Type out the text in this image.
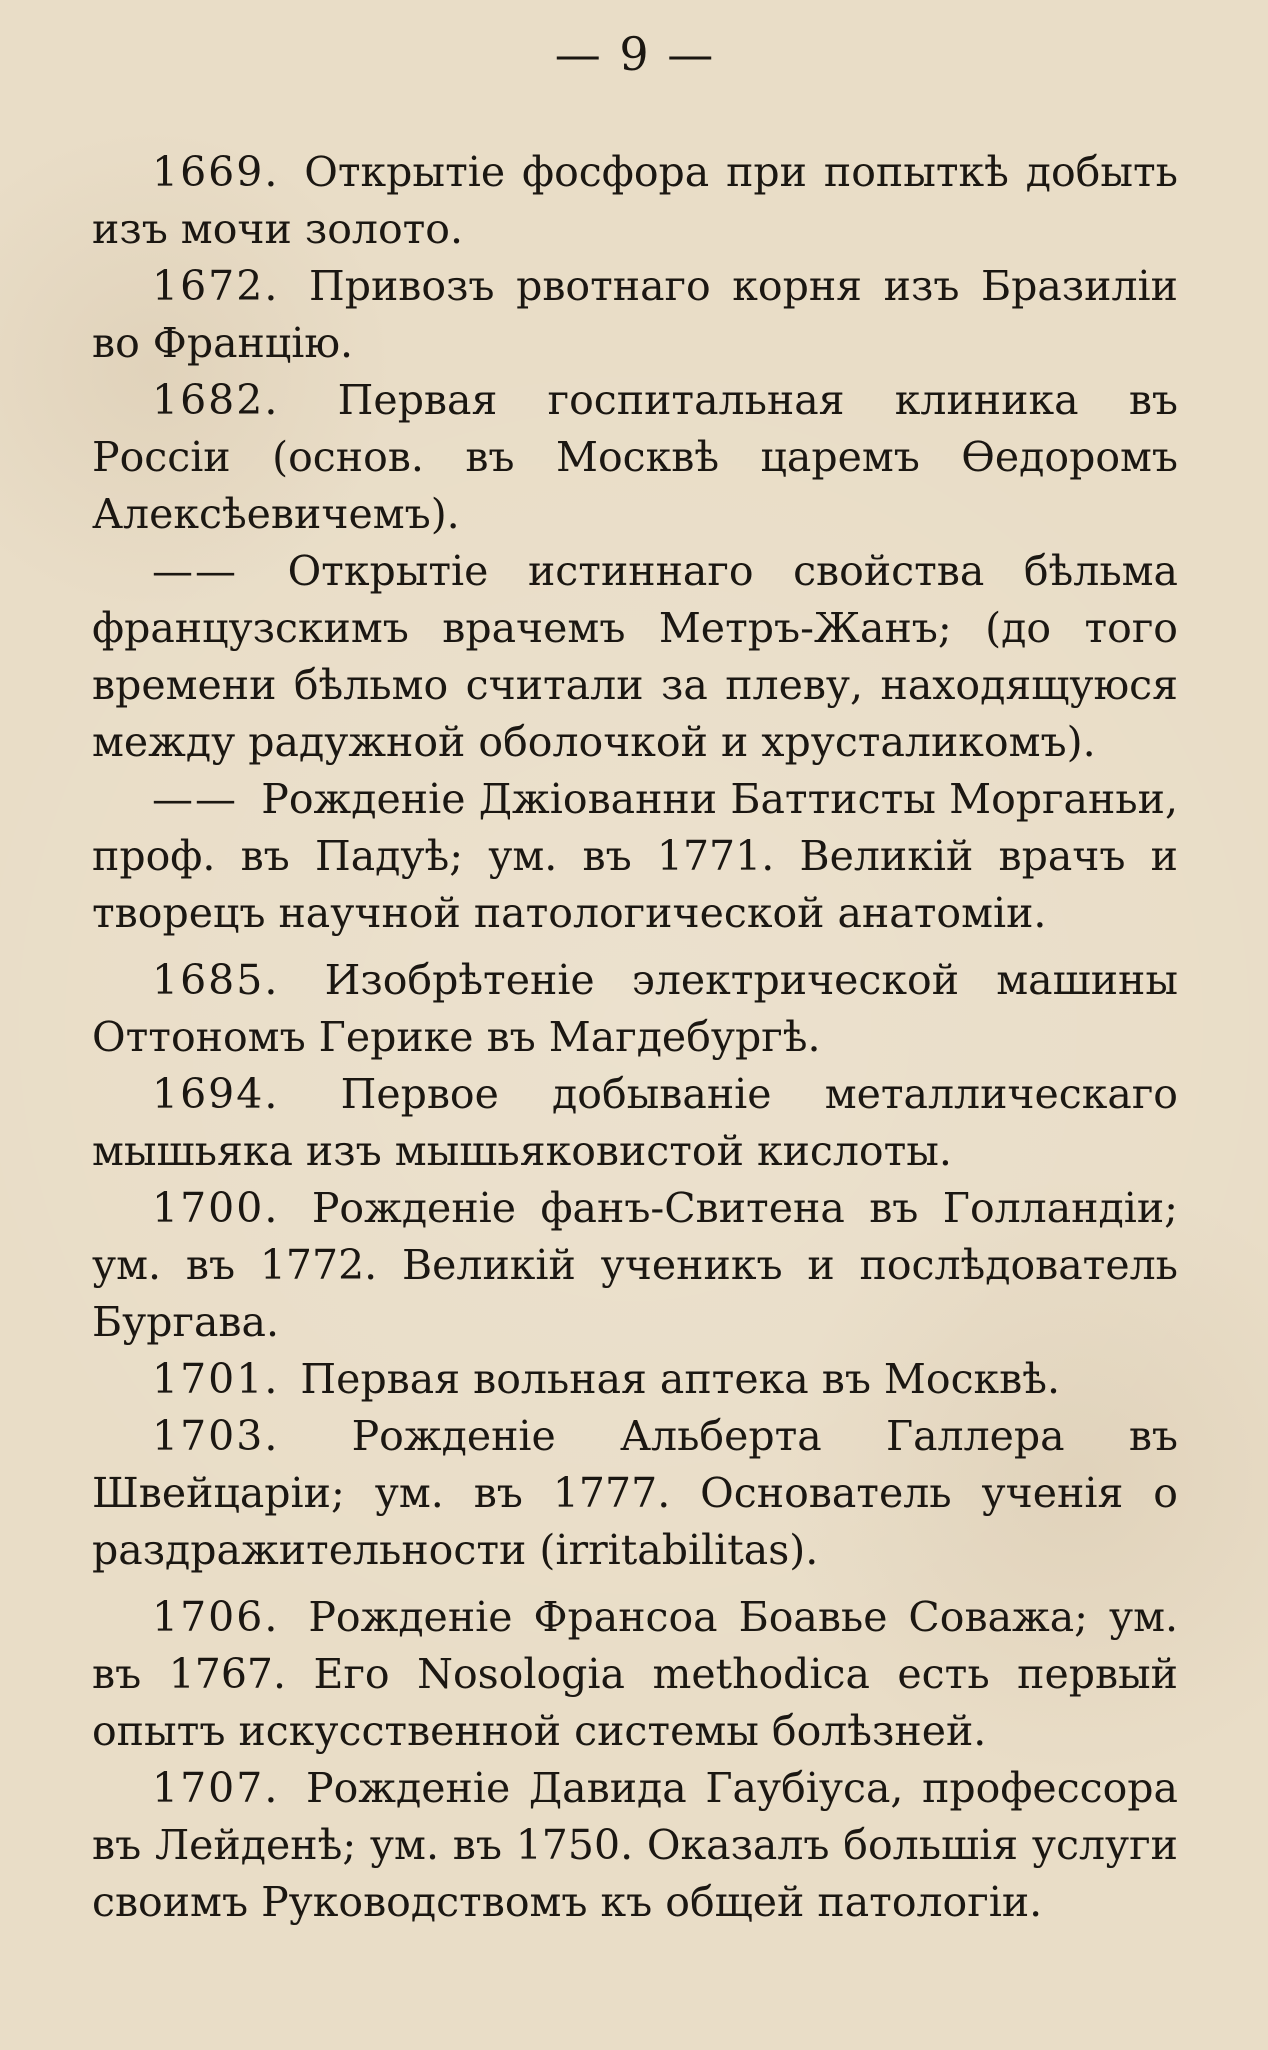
— 9 —

1669. Открытіе фосфора при попыткѣ добыть изъ мочи золото.

1672. Привозъ рвотнаго корня изъ Бразиліи во Францію.

1682. Первая госпитальная клиника въ Россіи (основ. въ Москвѣ царемъ Ѳедоромъ Алексѣевичемъ).

—— Открытіе истиннаго свойства бѣльма французскимъ врачемъ Метръ-Жанъ; (до того времени бѣльмо считали за плеву, находящуюся между радужной оболочкой и хрусталикомъ).

—— Рожденіе Джіованни Баттисты Морганьи, проф. въ Падуѣ; ум. въ 1771. Великій врачъ и творецъ научной патологической анатоміи.

1685. Изобрѣтеніе электрической машины Оттономъ Герике въ Магдебургѣ.

1694. Первое добываніе металлическаго мышьяка изъ мышьяковистой кислоты.

1700. Рожденіе фанъ-Свитена въ Голландіи; ум. въ 1772. Великій ученикъ и послѣдователь Бургава.

1701. Первая вольная аптека въ Москвѣ.

1703. Рожденіе Альберта Галлера въ Швейцаріи; ум. въ 1777. Основатель ученія о раздражительности (irritabilitas).

1706. Рожденіе Франсоа Боавье Соважа; ум. въ 1767. Его Nosologia methodica есть первый опытъ искусственной системы болѣзней.

1707. Рожденіе Давида Гаубіуса, профессора въ Лейденѣ; ум. въ 1750. Оказалъ большія услуги своимъ Руководствомъ къ общей патологіи.
